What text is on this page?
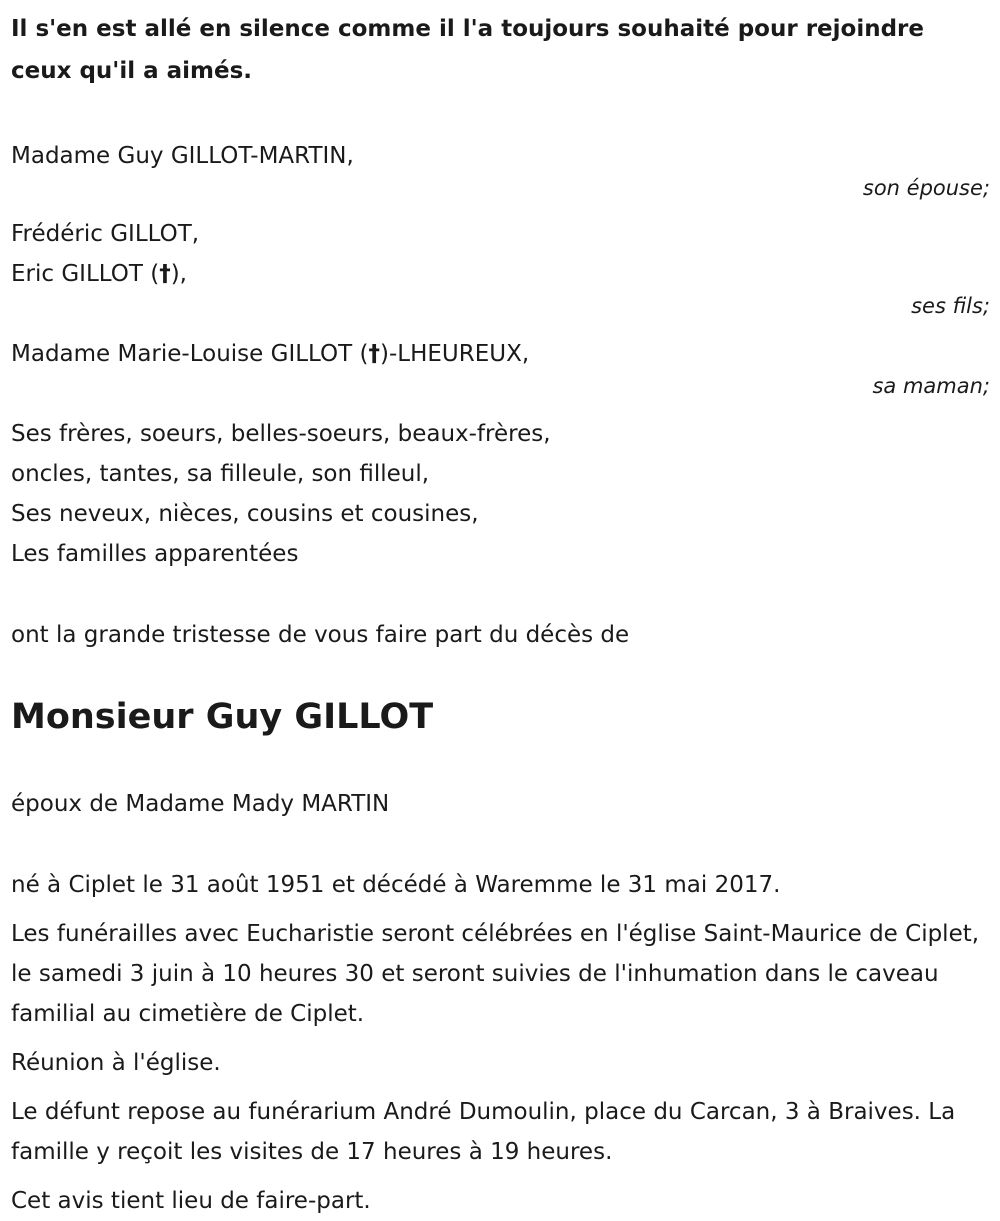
Il s'en est allé en silence comme il l'a toujours souhaité pour rejoindre ceux qu'il a aimés.

Madame Guy GILLOT-MARTIN,

son épouse;

Frédéric GILLOT,

Eric GILLOT (†),

ses fils;

Madame Marie-Louise GILLOT (†)-LHEUREUX,

sa maman;

Ses frères, soeurs, belles-soeurs, beaux-frères,

oncles, tantes, sa filleule, son filleul,

Ses neveux, nièces, cousins et cousines,

Les familles apparentées

ont la grande tristesse de vous faire part du décès de

Monsieur Guy GILLOT

époux de Madame Mady MARTIN

né à Ciplet le 31 août 1951 et décédé à Waremme le 31 mai 2017.

Les funérailles avec Eucharistie seront célébrées en l'église Saint-Maurice de Ciplet, le samedi 3 juin à 10 heures 30 et seront suivies de l'inhumation dans le caveau familial au cimetière de Ciplet.

Réunion à l'église.

Le défunt repose au funérarium André Dumoulin, place du Carcan, 3 à Braives. La famille y reçoit les visites de 17 heures à 19 heures.

Cet avis tient lieu de faire-part.
